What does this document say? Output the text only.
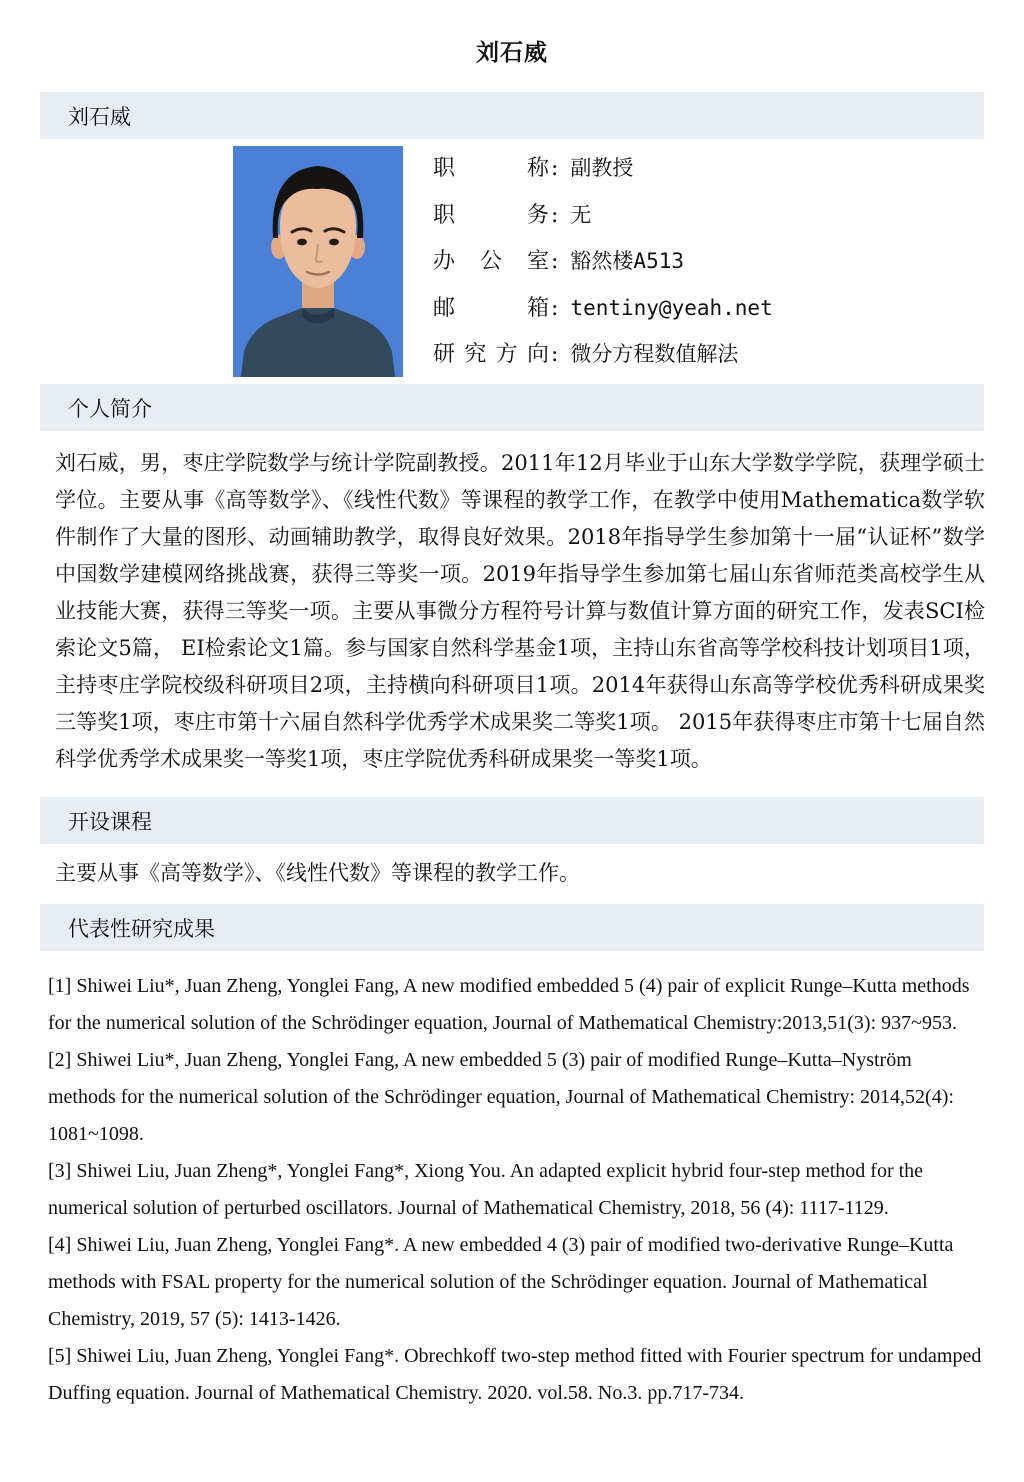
刘石威
刘石威
职称 : 副教授
职务 : 无
办公室 : 豁然楼A513
邮箱 : tentiny@yeah.net
研究方向 : 微分方程数值解法
个人简介

刘石威，男，枣庄学院数学与统计学院副教授。2011年12月毕业于山东大学数学学院，获理学硕士学位。主要从事《高等数学》、《线性代数》等课程的教学工作，在教学中使用Mathematica数学软件制作了大量的图形、动画辅助教学，取得良好效果。2018年指导学生参加第十一届“认证杯”数学中国数学建模网络挑战赛，获得三等奖一项。2019年指导学生参加第七届山东省师范类高校学生从业技能大赛，获得三等奖一项。主要从事微分方程符号计算与数值计算方面的研究工作，发表SCI检索论文5篇， EI检索论文1篇。参与国家自然科学基金1项，主持山东省高等学校科技计划项目1项，主持枣庄学院校级科研项目2项，主持横向科研项目1项。2014年获得山东高等学校优秀科研成果奖三等奖1项，枣庄市第十六届自然科学优秀学术成果奖二等奖1项。 2015年获得枣庄市第十七届自然科学优秀学术成果奖一等奖1项，枣庄学院优秀科研成果奖一等奖1项。

开设课程

主要从事《高等数学》、《线性代数》等课程的教学工作。

代表性研究成果

[1] Shiwei Liu*, Juan Zheng, Yonglei Fang, A new modified embedded 5 (4) pair of explicit Runge–Kutta methods for the numerical solution of the Schrödinger equation, Journal of Mathematical Chemistry:2013,51(3): 937~953.

[2] Shiwei Liu*, Juan Zheng, Yonglei Fang, A new embedded 5 (3) pair of modified Runge–Kutta–Nyström methods for the numerical solution of the Schrödinger equation, Journal of Mathematical Chemistry: 2014,52(4): 1081~1098.

[3] Shiwei Liu, Juan Zheng*, Yonglei Fang*, Xiong You. An adapted explicit hybrid four-step method for the numerical solution of perturbed oscillators. Journal of Mathematical Chemistry, 2018, 56 (4): 1117-1129.

[4] Shiwei Liu, Juan Zheng, Yonglei Fang*. A new embedded 4 (3) pair of modified two-derivative Runge–Kutta methods with FSAL property for the numerical solution of the Schrödinger equation. Journal of Mathematical Chemistry, 2019, 57 (5): 1413-1426.

[5] Shiwei Liu, Juan Zheng, Yonglei Fang*. Obrechkoff two-step method fitted with Fourier spectrum for undamped Duffing equation. Journal of Mathematical Chemistry. 2020. vol.58. No.3. pp.717-734.
